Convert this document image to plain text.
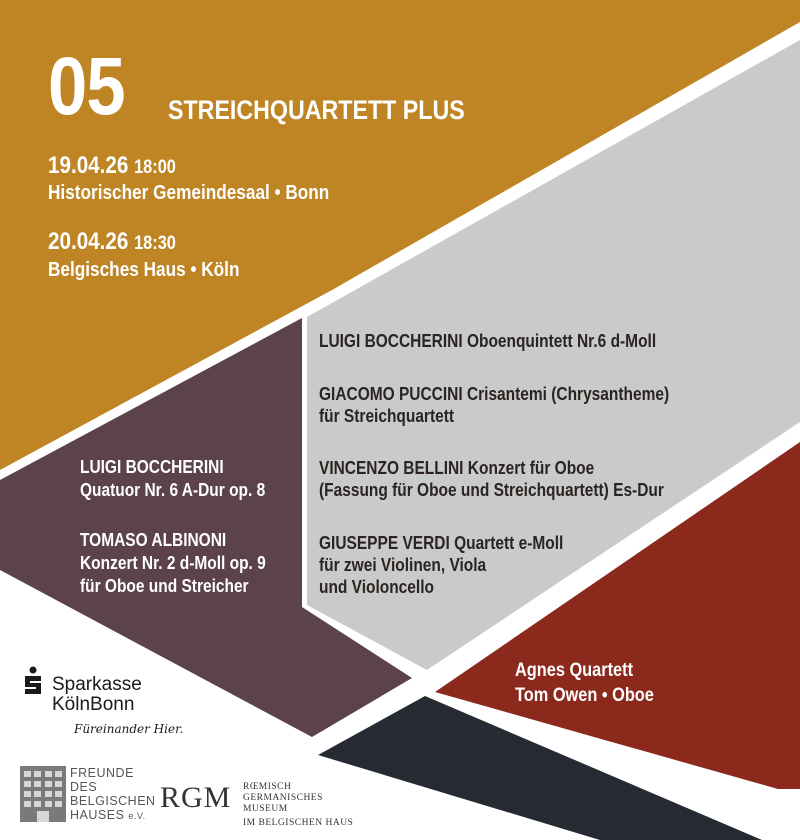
05	STREICHQUARTETT PLUS
19.04.26 18:00
Historischer Gemeindesaal • Bonn
20.04.26 18:30
Belgisches Haus • Köln
LUIGI BOCCHERINI Oboenquintett Nr.6 d-Moll
GIACOMO PUCCINI Crisantemi (Chrysantheme)
für Streichquartett
VINCENZO BELLINI Konzert für Oboe
(Fassung für Oboe und Streichquartett) Es-Dur
GIUSEPPE VERDI Quartett e-Moll
für zwei Violinen, Viola
und Violoncello
LUIGI BOCCHERINI
Quatuor Nr. 6 A-Dur op. 8
TOMASO ALBINONI
Konzert Nr. 2 d-Moll op. 9
für Oboe und Streicher
Agnes Quartett
Tom Owen • Oboe
Sparkasse
KölnBonn
Füreinander Hier.
FREUNDE
DES
BELGISCHEN
HAUSES e.V.
RGM RŒMISCH
GERMANISCHES
MUSEUM
IM BELGISCHEN HAUS
